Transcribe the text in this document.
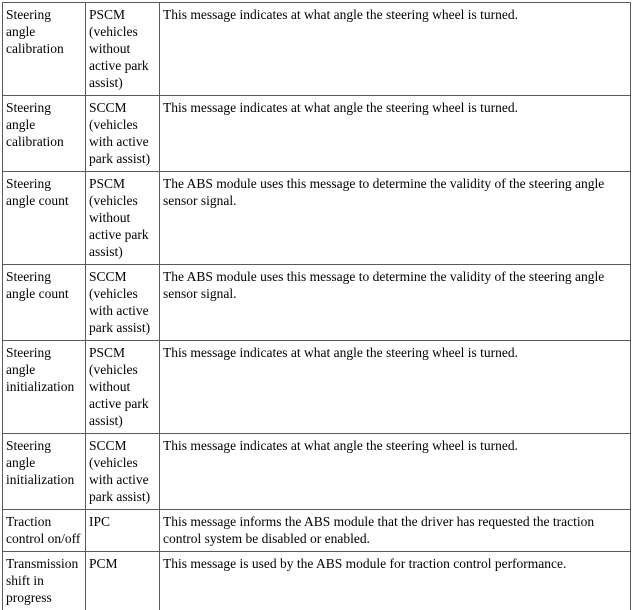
Steering angle calibration	PSCM (vehicles without active park assist)	This message indicates at what angle the steering wheel is turned.
Steering angle calibration	SCCM (vehicles with active park assist)	This message indicates at what angle the steering wheel is turned.
Steering angle count	PSCM (vehicles without active park assist)	The ABS module uses this message to determine the validity of the steering angle sensor signal.
Steering angle count	SCCM (vehicles with active park assist)	The ABS module uses this message to determine the validity of the steering angle sensor signal.
Steering angle initialization	PSCM (vehicles without active park assist)	This message indicates at what angle the steering wheel is turned.
Steering angle initialization	SCCM (vehicles with active park assist)	This message indicates at what angle the steering wheel is turned.
Traction control on/off	IPC	This message informs the ABS module that the driver has requested the traction control system be disabled or enabled.
Transmission shift in progress	PCM	This message is used by the ABS module for traction control performance.
